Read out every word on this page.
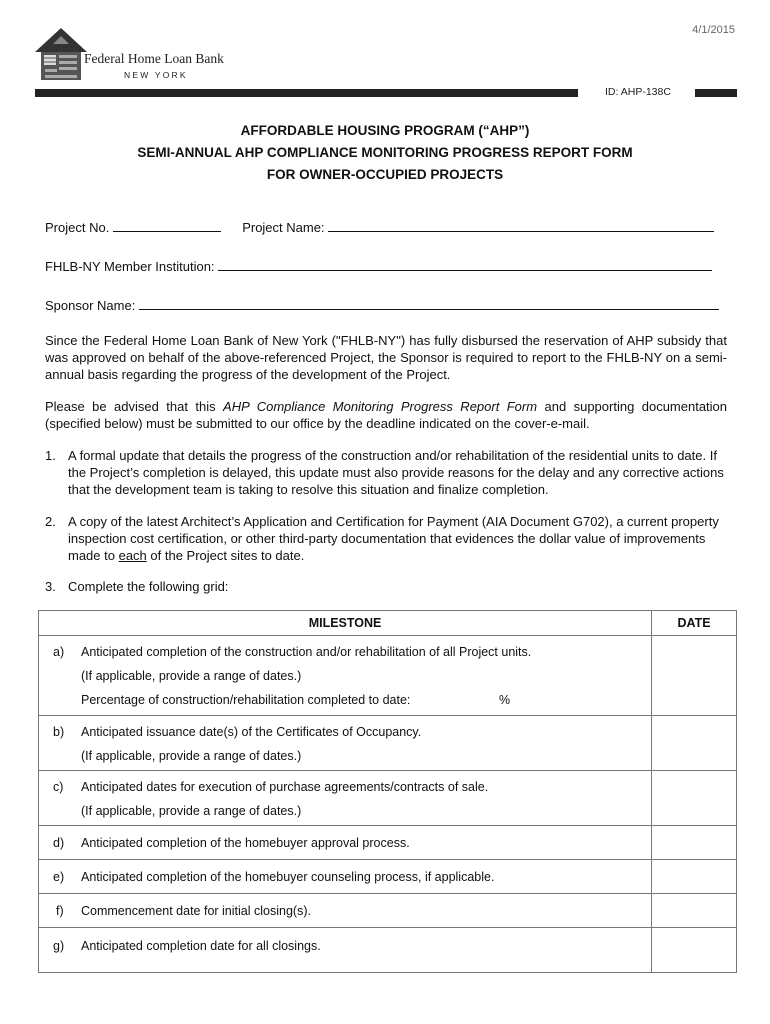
4/1/2015
Federal Home Loan Bank
NEW YORK
ID: AHP-138C
AFFORDABLE HOUSING PROGRAM (“AHP”)
SEMI-ANNUAL AHP COMPLIANCE MONITORING PROGRESS REPORT FORM
FOR OWNER-OCCUPIED PROJECTS
Project No.	Project Name:
FHLB-NY Member Institution:
Sponsor Name:
Since the Federal Home Loan Bank of New York ("FHLB-NY") has fully disbursed the reservation of AHP subsidy that was approved on behalf of the above-referenced Project, the Sponsor is required to report to the FHLB-NY on a semi-annual basis regarding the progress of the development of the Project.
Please be advised that this AHP Compliance Monitoring Progress Report Form and supporting documentation (specified below) must be submitted to our office by the deadline indicated on the cover-e-mail.
1. A formal update that details the progress of the construction and/or rehabilitation of the residential units to date. If the Project’s completion is delayed, this update must also provide reasons for the delay and any corrective actions that the development team is taking to resolve this situation and finalize completion.
2. A copy of the latest Architect’s Application and Certification for Payment (AIA Document G702), a current property inspection cost certification, or other third-party documentation that evidences the dollar value of improvements made to each of the Project sites to date.
3. Complete the following grid:
MILESTONE	DATE

a) Anticipated completion of the construction and/or rehabilitation of all Project units.
(If applicable, provide a range of dates.)
Percentage of construction/rehabilitation completed to date: %	

b) Anticipated issuance date(s) of the Certificates of Occupancy.
(If applicable, provide a range of dates.)	

c) Anticipated dates for execution of purchase agreements/contracts of sale.
(If applicable, provide a range of dates.)	

d) Anticipated completion of the homebuyer approval process.	

e) Anticipated completion of the homebuyer counseling process, if applicable.	

f) Commencement date for initial closing(s).	

g) Anticipated completion date for all closings.	
